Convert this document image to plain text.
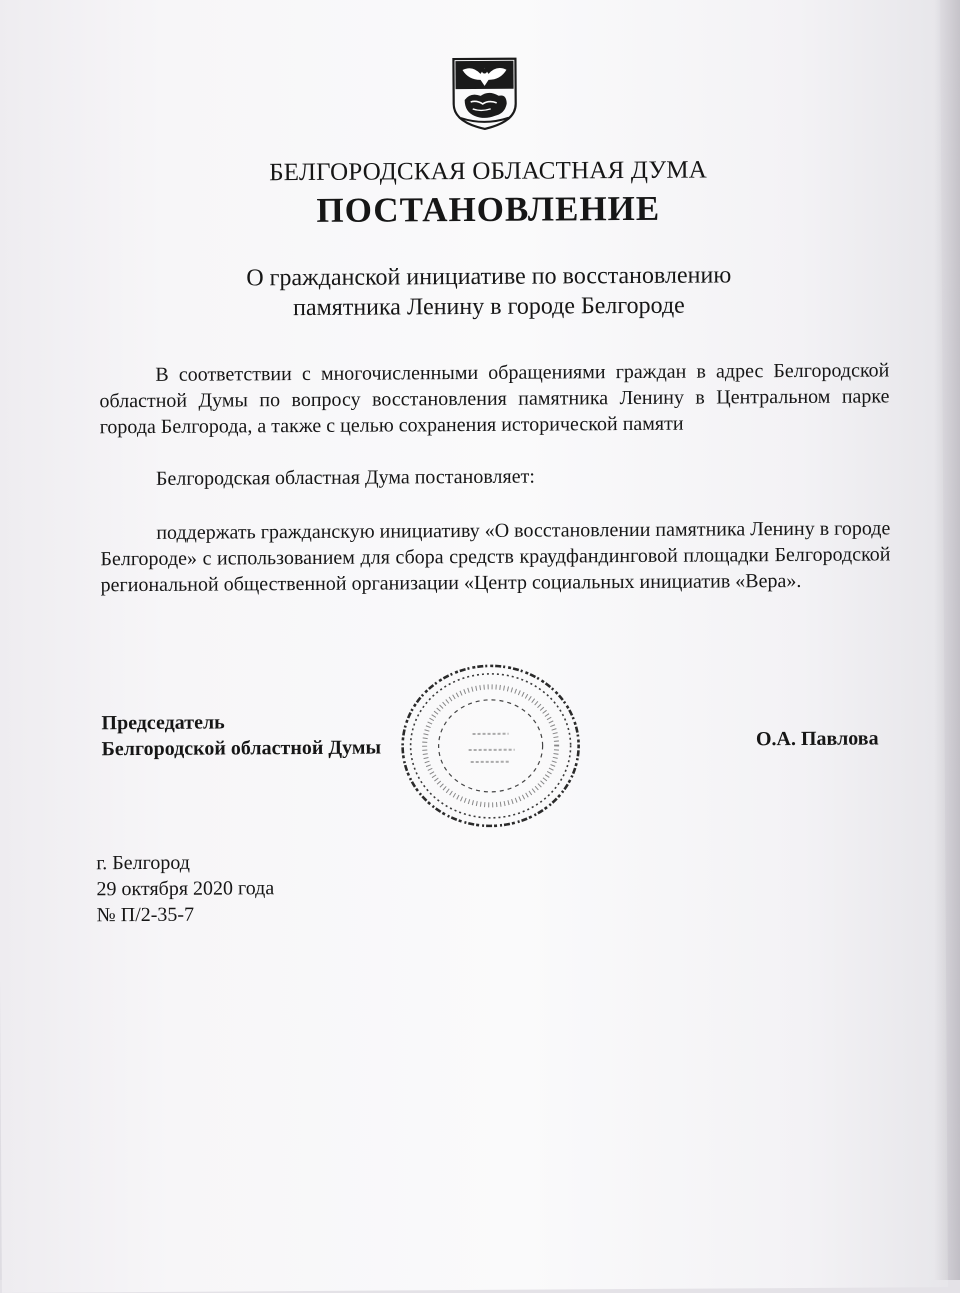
БЕЛГОРОДСКАЯ ОБЛАСТНАЯ ДУМА
ПОСТАНОВЛЕНИЕ
О гражданской инициативе по восстановлению
памятника Ленину в городе Белгороде
В соответствии с многочисленными обращениями граждан в адрес Белгородской областной Думы по вопросу восстановления памятника Ленину в Центральном парке города Белгорода, а также с целью сохранения исторической памяти
Белгородская областная Дума постановляет:
поддержать гражданскую инициативу «О восстановлении памятника Ленину в городе Белгороде» с использованием для сбора средств краудфандинговой площадки Белгородской региональной общественной организации «Центр социальных инициатив «Вера».
Председатель
Белгородской областной Думы	О.А. Павлова
г. Белгород
29 октября 2020 года
№ П/2-35-7
